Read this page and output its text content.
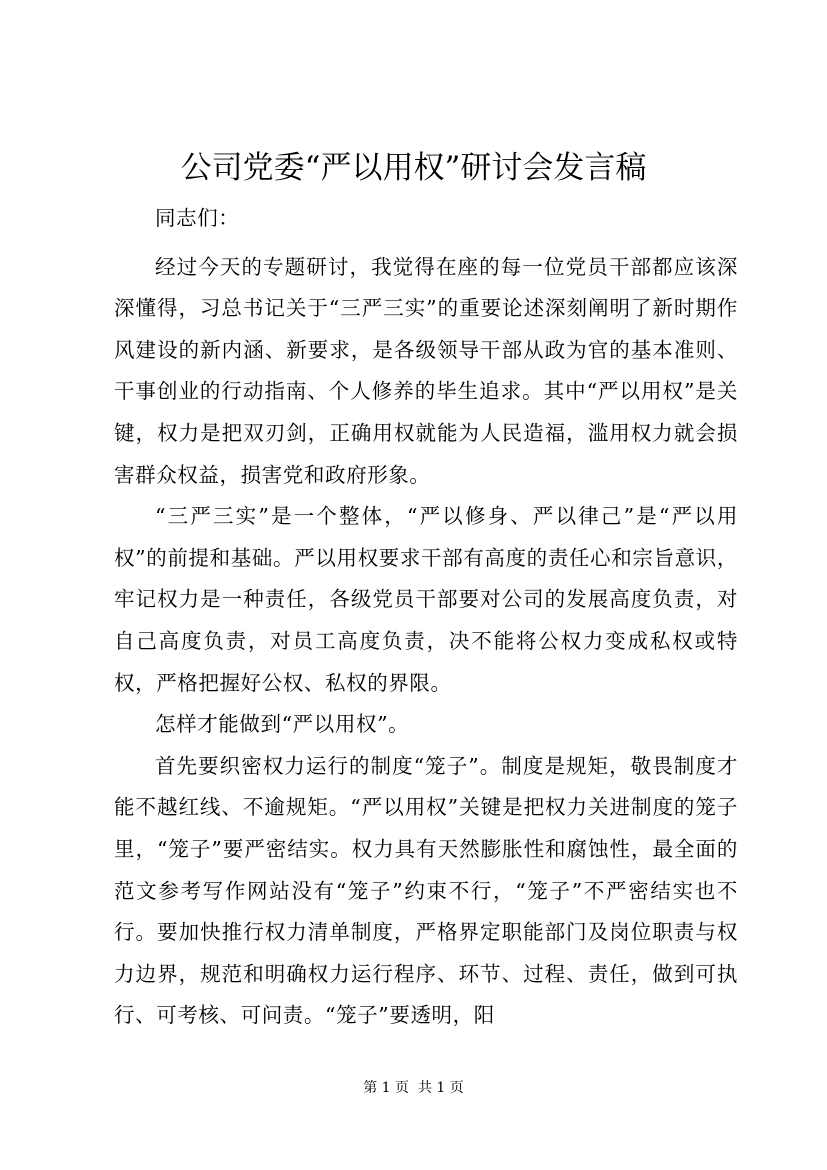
公司党委“严以用权”研讨会发言稿

同志们：

经过今天的专题研讨，我觉得在座的每一位党员干部都应该深深懂得，习总书记关于“三严三实”的重要论述深刻阐明了新时期作风建设的新内涵、新要求，是各级领导干部从政为官的基本准则、干事创业的行动指南、个人修养的毕生追求。其中“严以用权”是关键，权力是把双刃剑，正确用权就能为人民造福，滥用权力就会损害群众权益，损害党和政府形象。

“三严三实”是一个整体，“严以修身、严以律己”是“严以用权”的前提和基础。严以用权要求干部有高度的责任心和宗旨意识，牢记权力是一种责任，各级党员干部要对公司的发展高度负责，对自己高度负责，对员工高度负责，决不能将公权力变成私权或特权，严格把握好公权、私权的界限。

怎样才能做到“严以用权”。

首先要织密权力运行的制度“笼子”。制度是规矩，敬畏制度才能不越红线、不逾规矩。“严以用权”关键是把权力关进制度的笼子里，“笼子”要严密结实。权力具有天然膨胀性和腐蚀性，最全面的范文参考写作网站没有“笼子”约束不行，“笼子”不严密结实也不行。要加快推行权力清单制度，严格界定职能部门及岗位职责与权力边界，规范和明确权力运行程序、环节、过程、责任，做到可执行、可考核、可问责。“笼子”要透明，阳

第 1 页  共 1 页
